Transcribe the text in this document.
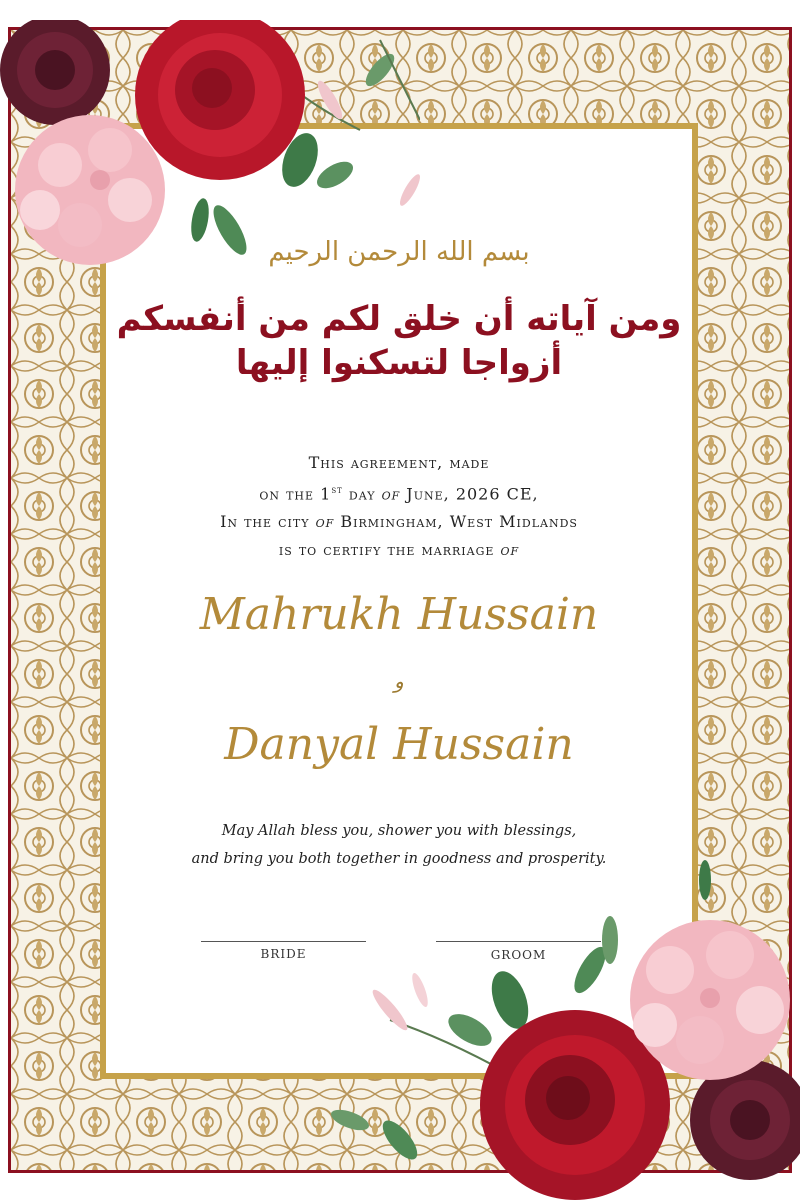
بسم الله الرحمن الرحيم
ومن آياته أن خلق لكم من أنفسكم أزواجا لتسكنوا إليها
This agreement, made
on the 1st day of June, 2026 CE,
In the city of Birmingham, West Midlands
is to certify the marriage of
Mahrukh Hussain
و
Danyal Hussain
May Allah bless you, shower you with blessings,
and bring you both together in goodness and prosperity.
BRIDE	GROOM
